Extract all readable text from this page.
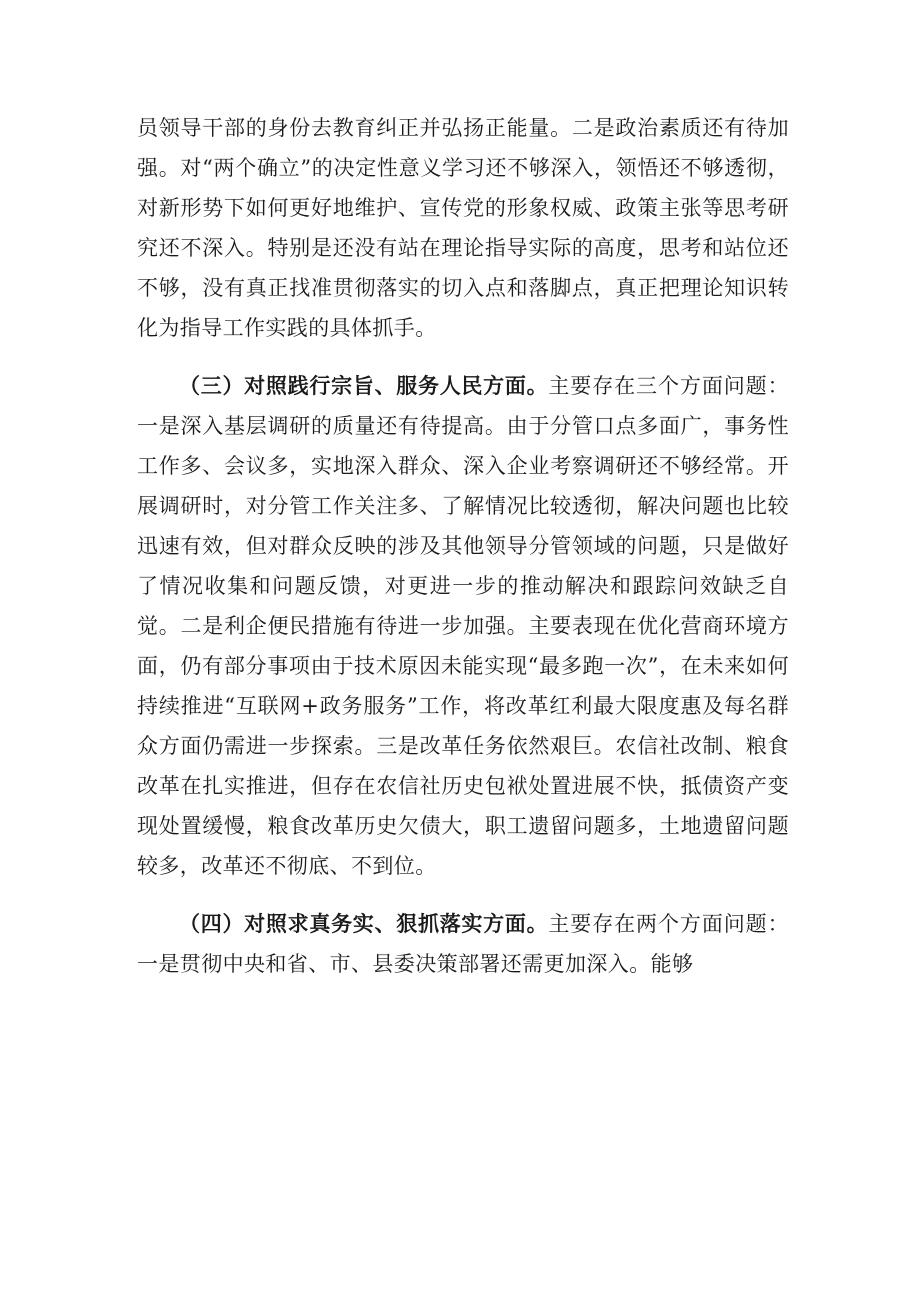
员领导干部的身份去教育纠正并弘扬正能量。二是政治素质还有待加强。对“两个确立”的决定性意义学习还不够深入，领悟还不够透彻，对新形势下如何更好地维护、宣传党的形象权威、政策主张等思考研究还不深入。特别是还没有站在理论指导实际的高度，思考和站位还不够，没有真正找准贯彻落实的切入点和落脚点，真正把理论知识转化为指导工作实践的具体抓手。

（三）对照践行宗旨、服务人民方面。主要存在三个方面问题：一是深入基层调研的质量还有待提高。由于分管口点多面广，事务性工作多、会议多，实地深入群众、深入企业考察调研还不够经常。开展调研时，对分管工作关注多、了解情况比较透彻，解决问题也比较迅速有效，但对群众反映的涉及其他领导分管领域的问题，只是做好了情况收集和问题反馈，对更进一步的推动解决和跟踪问效缺乏自觉。二是利企便民措施有待进一步加强。主要表现在优化营商环境方面，仍有部分事项由于技术原因未能实现“最多跑一次”，在未来如何持续推进“互联网+政务服务”工作，将改革红利最大限度惠及每名群众方面仍需进一步探索。三是改革任务依然艰巨。农信社改制、粮食改革在扎实推进，但存在农信社历史包袱处置进展不快，抵债资产变现处置缓慢，粮食改革历史欠债大，职工遗留问题多，土地遗留问题较多，改革还不彻底、不到位。

（四）对照求真务实、狠抓落实方面。主要存在两个方面问题：一是贯彻中央和省、市、县委决策部署还需更加深入。能够
